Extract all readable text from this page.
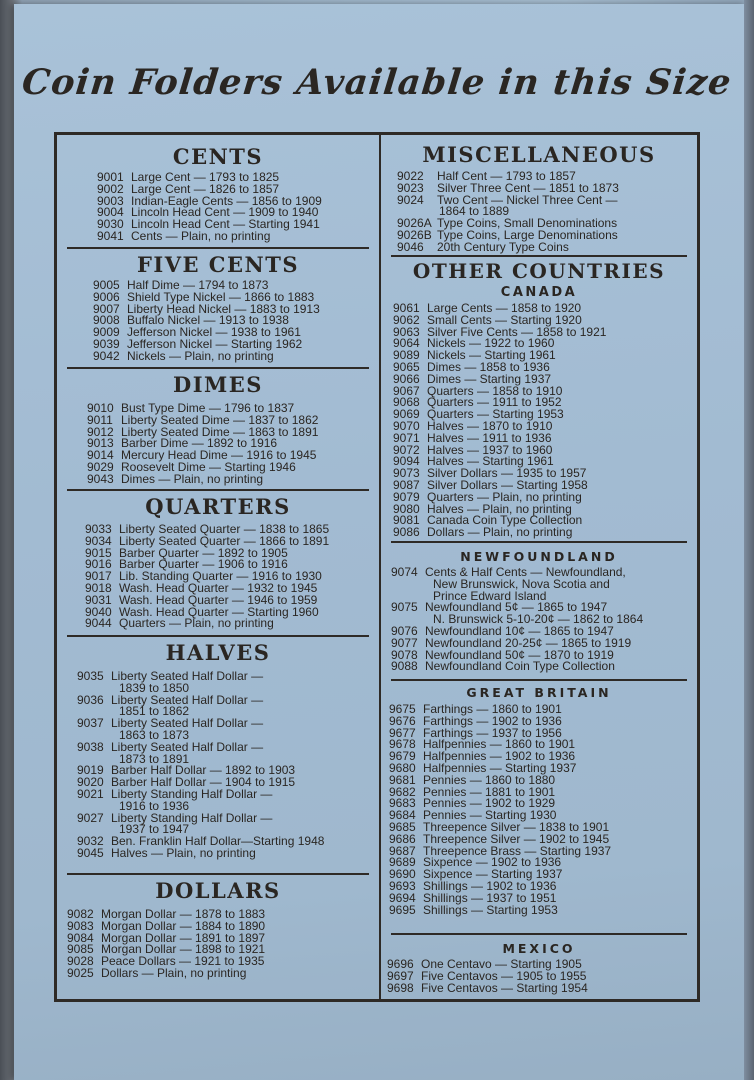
Coin Folders Available in this Size
CENTS
9001 Large Cent — 1793 to 1825
9002 Large Cent — 1826 to 1857
9003 Indian-Eagle Cents — 1856 to 1909
9004 Lincoln Head Cent — 1909 to 1940
9030 Lincoln Head Cent — Starting 1941
9041 Cents — Plain, no printing
FIVE CENTS
9005 Half Dime — 1794 to 1873
9006 Shield Type Nickel — 1866 to 1883
9007 Liberty Head Nickel — 1883 to 1913
9008 Buffalo Nickel — 1913 to 1938
9009 Jefferson Nickel — 1938 to 1961
9039 Jefferson Nickel — Starting 1962
9042 Nickels — Plain, no printing
DIMES
9010 Bust Type Dime — 1796 to 1837
9011 Liberty Seated Dime — 1837 to 1862
9012 Liberty Seated Dime — 1863 to 1891
9013 Barber Dime — 1892 to 1916
9014 Mercury Head Dime — 1916 to 1945
9029 Roosevelt Dime — Starting 1946
9043 Dimes — Plain, no printing
QUARTERS
9033 Liberty Seated Quarter — 1838 to 1865
9034 Liberty Seated Quarter — 1866 to 1891
9015 Barber Quarter — 1892 to 1905
9016 Barber Quarter — 1906 to 1916
9017 Lib. Standing Quarter — 1916 to 1930
9018 Wash. Head Quarter — 1932 to 1945
9031 Wash. Head Quarter — 1946 to 1959
9040 Wash. Head Quarter — Starting 1960
9044 Quarters — Plain, no printing
HALVES
9035 Liberty Seated Half Dollar —
1839 to 1850
9036 Liberty Seated Half Dollar —
1851 to 1862
9037 Liberty Seated Half Dollar —
1863 to 1873
9038 Liberty Seated Half Dollar —
1873 to 1891
9019 Barber Half Dollar — 1892 to 1903
9020 Barber Half Dollar — 1904 to 1915
9021 Liberty Standing Half Dollar —
1916 to 1936
9027 Liberty Standing Half Dollar —
1937 to 1947
9032 Ben. Franklin Half Dollar—Starting 1948
9045 Halves — Plain, no printing
DOLLARS
9082 Morgan Dollar — 1878 to 1883
9083 Morgan Dollar — 1884 to 1890
9084 Morgan Dollar — 1891 to 1897
9085 Morgan Dollar — 1898 to 1921
9028 Peace Dollars — 1921 to 1935
9025 Dollars — Plain, no printing
MISCELLANEOUS
9022	Half Cent — 1793 to 1857
9023	Silver Three Cent — 1851 to 1873
9024	Two Cent — Nickel Three Cent —
1864 to 1889
9026A Type Coins, Small Denominations
9026B Type Coins, Large Denominations
9046	20th Century Type Coins
OTHER COUNTRIES
CANADA
9061 Large Cents — 1858 to 1920
9062 Small Cents — Starting 1920
9063 Silver Five Cents — 1858 to 1921
9064 Nickels — 1922 to 1960
9089 Nickels — Starting 1961
9065 Dimes — 1858 to 1936
9066 Dimes — Starting 1937
9067 Quarters — 1858 to 1910
9068 Quarters — 1911 to 1952
9069 Quarters — Starting 1953
9070 Halves — 1870 to 1910
9071 Halves — 1911 to 1936
9072 Halves — 1937 to 1960
9094 Halves — Starting 1961
9073 Silver Dollars — 1935 to 1957
9087 Silver Dollars — Starting 1958
9079 Quarters — Plain, no printing
9080 Halves — Plain, no printing
9081 Canada Coin Type Collection
9086 Dollars — Plain, no printing
NEWFOUNDLAND
9074 Cents & Half Cents — Newfoundland,
New Brunswick, Nova Scotia and
Prince Edward Island
9075 Newfoundland 5¢ — 1865 to 1947
N. Brunswick 5-10-20¢ — 1862 to 1864
9076 Newfoundland 10¢ — 1865 to 1947
9077 Newfoundland 20-25¢ — 1865 to 1919
9078 Newfoundland 50¢ — 1870 to 1919
9088 Newfoundland Coin Type Collection
GREAT BRITAIN
9675 Farthings — 1860 to 1901
9676 Farthings — 1902 to 1936
9677 Farthings — 1937 to 1956
9678 Halfpennies — 1860 to 1901
9679 Halfpennies — 1902 to 1936
9680 Halfpennies — Starting 1937
9681 Pennies — 1860 to 1880
9682 Pennies — 1881 to 1901
9683 Pennies — 1902 to 1929
9684 Pennies — Starting 1930
9685 Threepence Silver — 1838 to 1901
9686 Threepence Silver — 1902 to 1945
9687 Threepence Brass — Starting 1937
9689 Sixpence — 1902 to 1936
9690 Sixpence — Starting 1937
9693 Shillings — 1902 to 1936
9694 Shillings — 1937 to 1951
9695 Shillings — Starting 1953
MEXICO
9696 One Centavo — Starting 1905
9697 Five Centavos — 1905 to 1955
9698 Five Centavos — Starting 1954
